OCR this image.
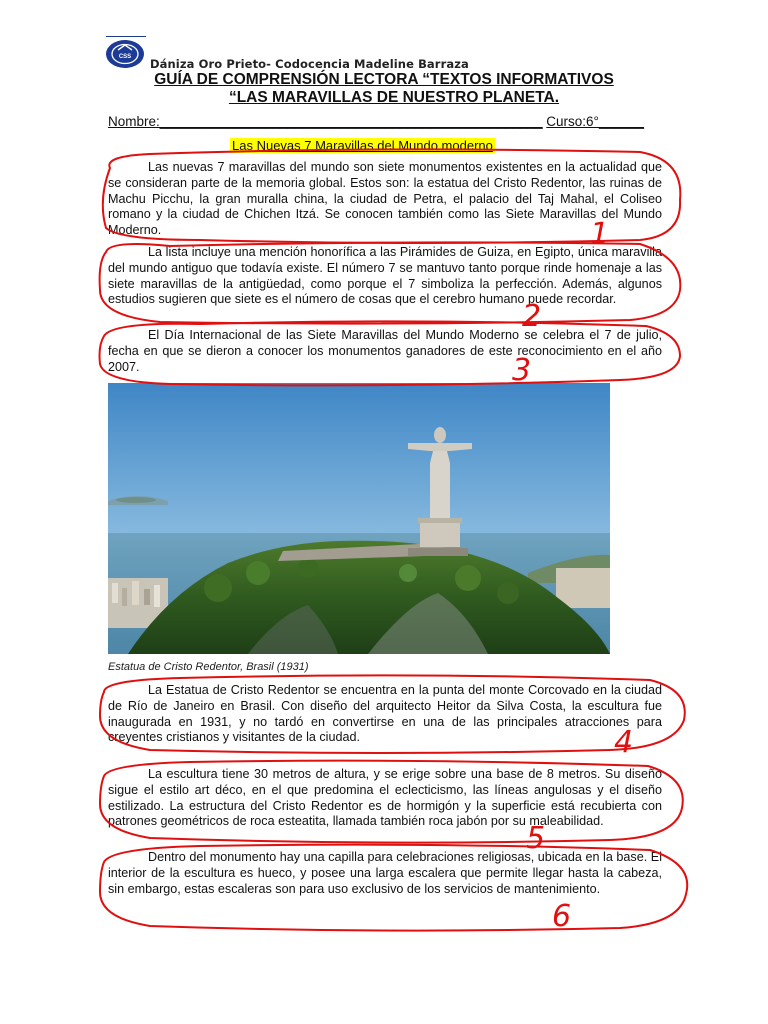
CSS Dániza Oro Prieto- Codocencia Madeline Barraza
GUÍA DE COMPRENSIÓN LECTORA “TEXTOS INFORMATIVOS
“LAS MARAVILLAS DE NUESTRO PLANETA.
Nombre:___________________________________________________ Curso:6°______
Las Nuevas 7 Maravillas del Mundo moderno
Las nuevas 7 maravillas del mundo son siete monumentos existentes en la actualidad que se consideran parte de la memoria global. Estos son: la estatua del Cristo Redentor, las ruinas de Machu Picchu, la gran muralla china, la ciudad de Petra, el palacio del Taj Mahal, el Coliseo romano y la ciudad de Chichen Itzá. Se conocen también como las Siete Maravillas del Mundo Moderno.
La lista incluye una mención honorífica a las Pirámides de Guiza, en Egipto, única maravilla del mundo antiguo que todavía existe. El número 7 se mantuvo tanto porque rinde homenaje a las siete maravillas de la antigüedad, como porque el 7 simboliza la perfección. Además, algunos estudios sugieren que siete es el número de cosas que el cerebro humano puede recordar.
El Día Internacional de las Siete Maravillas del Mundo Moderno se celebra el 7 de julio, fecha en que se dieron a conocer los monumentos ganadores de este reconocimiento en el año 2007.
Estatua de Cristo Redentor, Brasil (1931)
La Estatua de Cristo Redentor se encuentra en la punta del monte Corcovado en la ciudad de Río de Janeiro en Brasil. Con diseño del arquitecto Heitor da Silva Costa, la escultura fue inaugurada en 1931, y no tardó en convertirse en una de las principales atracciones para creyentes cristianos y visitantes de la ciudad.
La escultura tiene 30 metros de altura, y se erige sobre una base de 8 metros. Su diseño sigue el estilo art déco, en el que predomina el eclecticismo, las líneas angulosas y el diseño estilizado. La estructura del Cristo Redentor es de hormigón y la superficie está recubierta con patrones geométricos de roca esteatita, llamada también roca jabón por su maleabilidad.
Dentro del monumento hay una capilla para celebraciones religiosas, ubicada en la base. El interior de la escultura es hueco, y posee una larga escalera que permite llegar hasta la cabeza, sin embargo, estas escaleras son para uso exclusivo de los servicios de mantenimiento.
1
2
3
4
5
6
